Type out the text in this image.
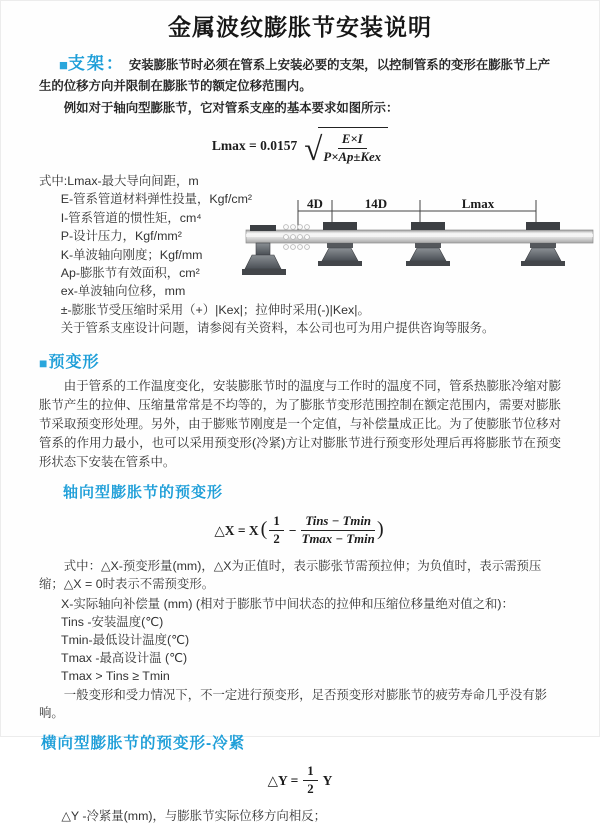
金属波纹膨胀节安装说明

■支架： 安装膨胀节时必须在管系上安装必要的支架，以控制管系的变形在膨胀节上产生的位移方向并限制在膨胀节的额定位移范围内。

例如对于轴向型膨胀节，它对管系支座的基本要求如图所示：

Lmax = 0.0157 √ $\frac{E\times I}{\text{P×Ap±Kex}}$
式中:Lmax-最大导向间距，m
E-管系管道材料弹性投量，Kgf/cm²
I-管系管道的惯性矩，cm⁴
P-设计压力，Kgf/mm²
K-单波轴向刚度；Kgf/mm
Ap-膨胀节有效面积，cm²
ex-单波轴向位移，mm
±-膨胀节受压缩时采用（+）|Kex|；拉伸时采用(-)|Kex|。
关于管系支座设计问题，请参阅有关资料，本公司也可为用户提供咨询等服务。
4D	14D	Lmax
■预变形

由于管系的工作温度变化，安装膨胀节时的温度与工作时的温度不同，管系热膨胀冷缩对膨胀节产生的拉伸、压缩量常常是不均等的，为了膨胀节变形范围控制在额定范围内，需要对膨胀节采取预变形处理。另外，由于膨账节刚度是一个定值，与补偿量成正比。为了使膨胀节位移对管系的作用力最小，也可以采用预变形(冷紧)方让对膨胀节进行预变形处理后再将膨胀节在预变形状态下安装在管系中。

轴向型膨胀节的预变形
△X = X ( $\frac{1}{2} - \frac{\text{Tins − Tmin}}{Tmax - Tmin}$ )

式中：△X-预变形量(mm)，△X为正值时，表示膨张节需预拉伸；为负值时，表示需预压缩；△X = 0时表示不需预变形。

X-实际轴向补偿量 (mm) (相对于膨胀节中间状态的拉伸和压缩位移量绝对值之和)：
Tins -安装温度(℃)
Tmin-最低设计温度(℃)
Tmax -最高设计温 (℃)
Tmax > Tins ≥ Tmin

一般变形和受力情况下，不一定进行预变形，足否预变形对膨胀节的疲劳寿命几乎没有影响。

横向型膨胀节的预变形-冷紧
△Y = $\frac{1}{2}$ Y

△Y -冷紧量(mm)，与膨胀节实际位移方向相反；
